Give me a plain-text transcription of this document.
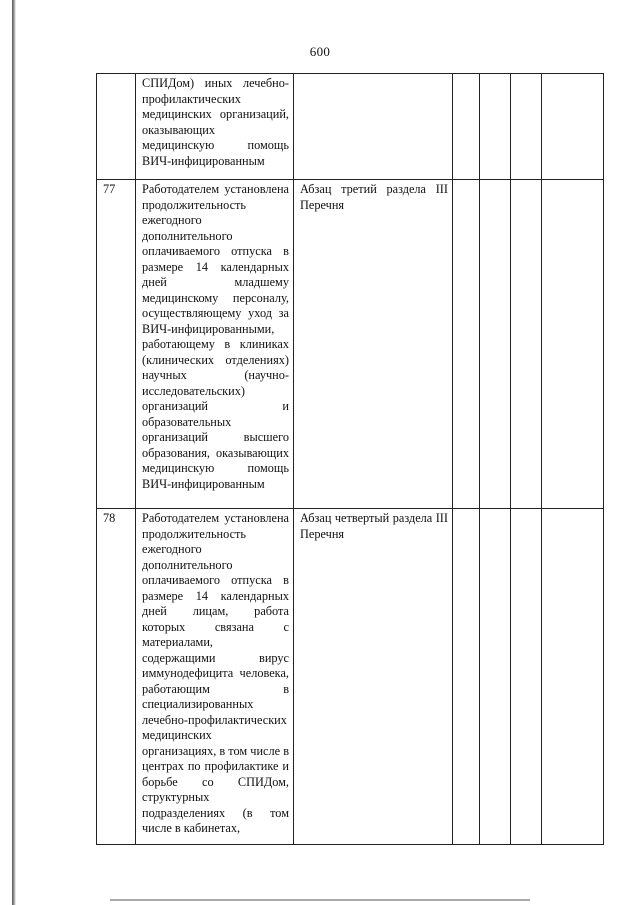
600

	СПИДом) иных лечебно-профилактических медицинских организаций, оказывающих медицинскую помощь ВИЧ-инфицированным					

77	Работодателем установлена продолжительность ежегодного дополнительного оплачиваемого отпуска в размере 14 календарных дней младшему медицинскому персоналу, осуществляющему уход за ВИЧ-инфицированными, работающему в клиниках (клинических отделениях) научных (научно-исследовательских) организаций и образовательных организаций высшего образования, оказывающих медицинскую помощь ВИЧ-инфицированным	Абзац третий раздела III Перечня				

78	Работодателем установлена продолжительность ежегодного дополнительного оплачиваемого отпуска в размере 14 календарных дней лицам, работа которых связана с материалами, содержащими вирус иммунодефицита человека, работающим в специализированных лечебно-профилактических медицинских организациях, в том числе в центрах по профилактике и борьбе со СПИДом, структурных подразделениях (в том числе в кабинетах,	Абзац четвертый раздела III Перечня				
